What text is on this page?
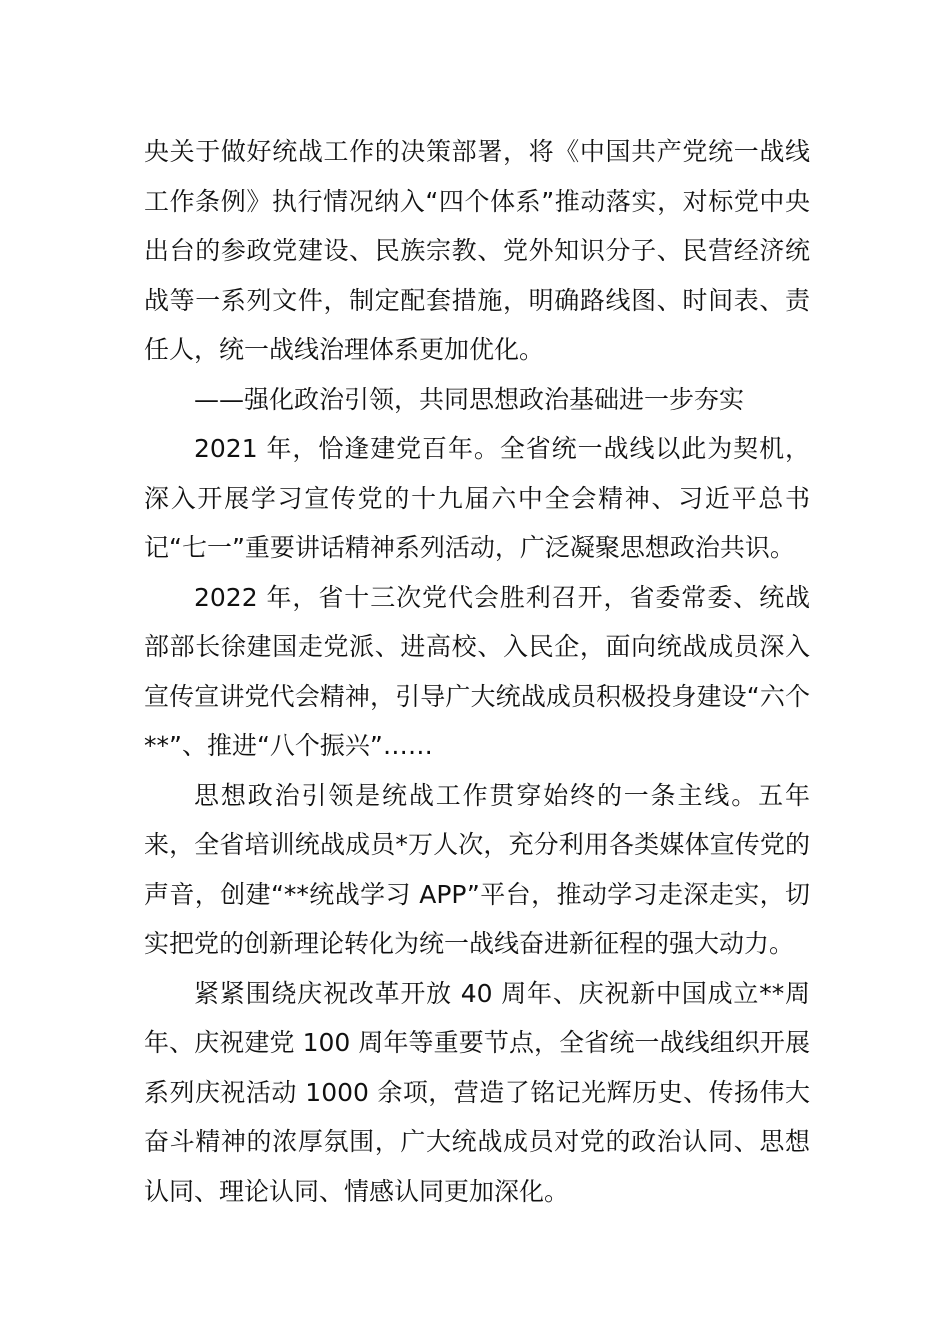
央关于做好统战工作的决策部署，将《中国共产党统一战线工作条例》执行情况纳入“四个体系”推动落实，对标党中央出台的参政党建设、民族宗教、党外知识分子、民营经济统战等一系列文件，制定配套措施，明确路线图、时间表、责任人，统一战线治理体系更加优化。

——强化政治引领，共同思想政治基础进一步夯实

2021 年，恰逢建党百年。全省统一战线以此为契机，深入开展学习宣传党的十九届六中全会精神、习近平总书记“七一”重要讲话精神系列活动，广泛凝聚思想政治共识。

2022 年，省十三次党代会胜利召开，省委常委、统战部部长徐建国走党派、进高校、入民企，面向统战成员深入宣传宣讲党代会精神，引导广大统战成员积极投身建设“六个**”、推进“八个振兴”……

思想政治引领是统战工作贯穿始终的一条主线。五年来，全省培训统战成员*万人次，充分利用各类媒体宣传党的声音，创建“**统战学习 APP”平台，推动学习走深走实，切实把党的创新理论转化为统一战线奋进新征程的强大动力。

紧紧围绕庆祝改革开放 40 周年、庆祝新中国成立**周年、庆祝建党 100 周年等重要节点，全省统一战线组织开展系列庆祝活动 1000 余项，营造了铭记光辉历史、传扬伟大奋斗精神的浓厚氛围，广大统战成员对党的政治认同、思想认同、理论认同、情感认同更加深化。
